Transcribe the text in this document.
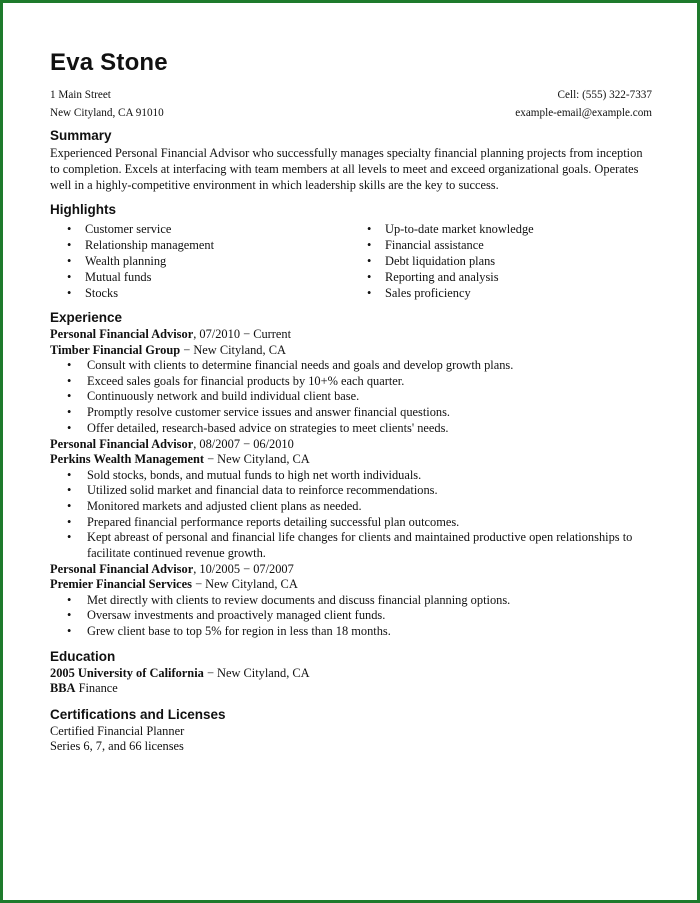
Eva Stone
1 Main Street
New Cityland, CA 91010
Cell: (555) 322-7337
example-email@example.com
Summary

Experienced Personal Financial Advisor who successfully manages specialty financial planning projects from inception to completion. Excels at interfacing with team members at all levels to meet and exceed organizational goals. Operates well in a highly-competitive environment in which leadership skills are the key to success.

Highlights
• Customer service
• Relationship management
• Wealth planning
• Mutual funds
• Stocks
• Up-to-date market knowledge
• Financial assistance
• Debt liquidation plans
• Reporting and analysis
• Sales proficiency
Experience
Personal Financial Advisor, 07/2010 − Current
Timber Financial Group − New Cityland, CA
• Consult with clients to determine financial needs and goals and develop growth plans.
• Exceed sales goals for financial products by 10+% each quarter.
• Continuously network and build individual client base.
• Promptly resolve customer service issues and answer financial questions.
• Offer detailed, research-based advice on strategies to meet clients' needs.
Personal Financial Advisor, 08/2007 − 06/2010
Perkins Wealth Management − New Cityland, CA
• Sold stocks, bonds, and mutual funds to high net worth individuals.
• Utilized solid market and financial data to reinforce recommendations.
• Monitored markets and adjusted client plans as needed.
• Prepared financial performance reports detailing successful plan outcomes.
• Kept abreast of personal and financial life changes for clients and maintained productive open relationships to facilitate continued revenue growth.
Personal Financial Advisor, 10/2005 − 07/2007
Premier Financial Services − New Cityland, CA
• Met directly with clients to review documents and discuss financial planning options.
• Oversaw investments and proactively managed client funds.
• Grew client base to top 5% for region in less than 18 months.
Education
2005 University of California − New Cityland, CA
BBA Finance
Certifications and Licenses
Certified Financial Planner
Series 6, 7, and 66 licenses
